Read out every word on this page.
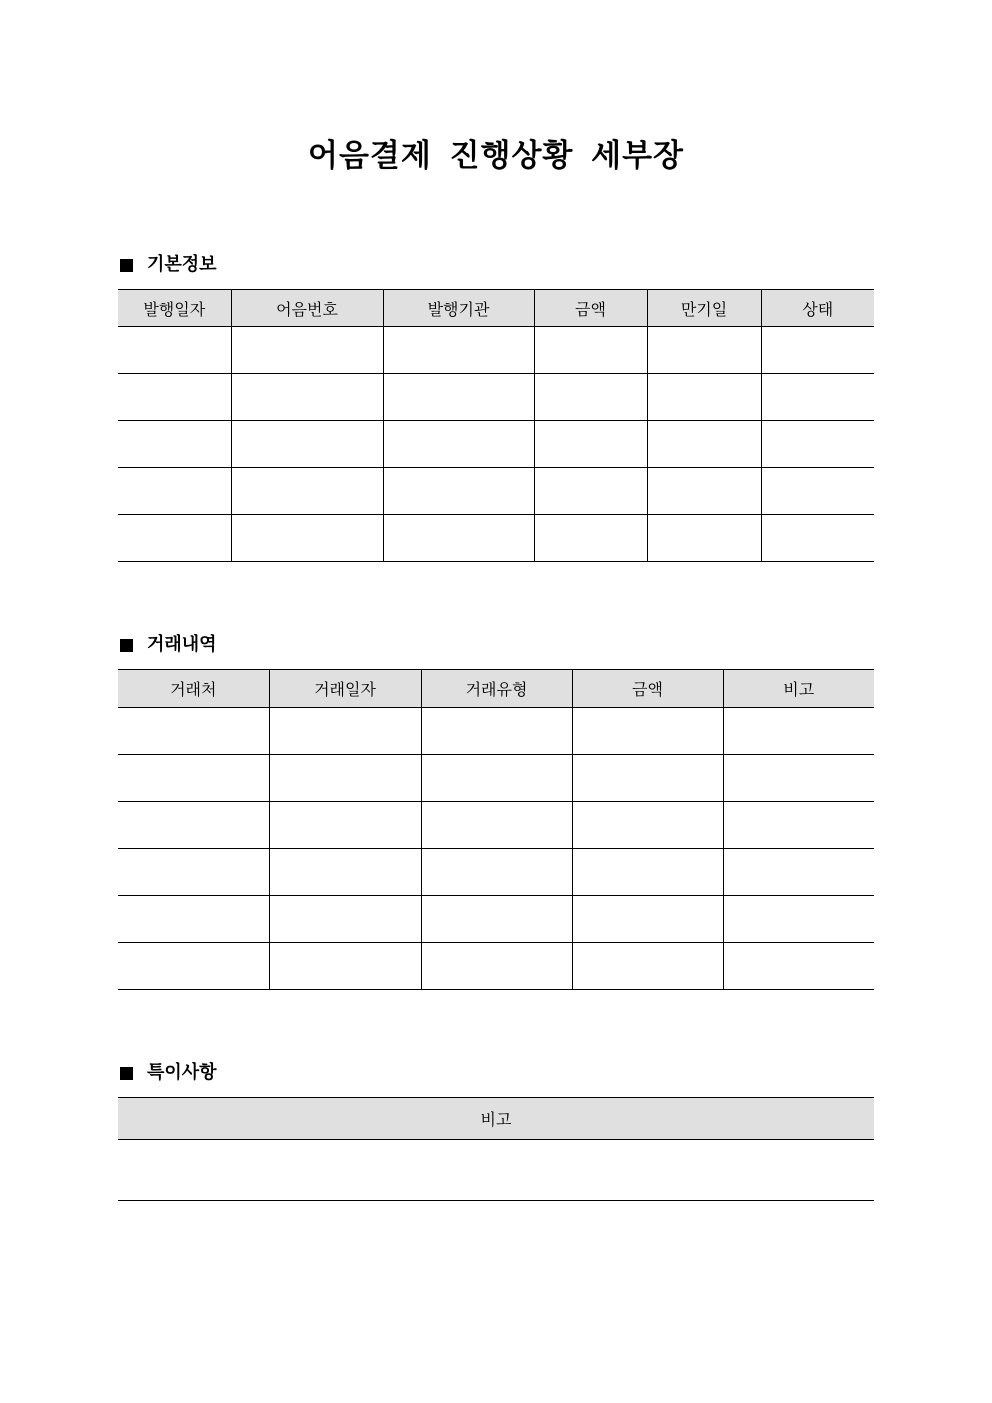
어음결제 진행상황 세부장
기본정보
발행일자	어음번호	발행기관	금액	만기일	상태

거래내역
거래처	거래일자	거래유형	금액	비고

특이사항
비고
